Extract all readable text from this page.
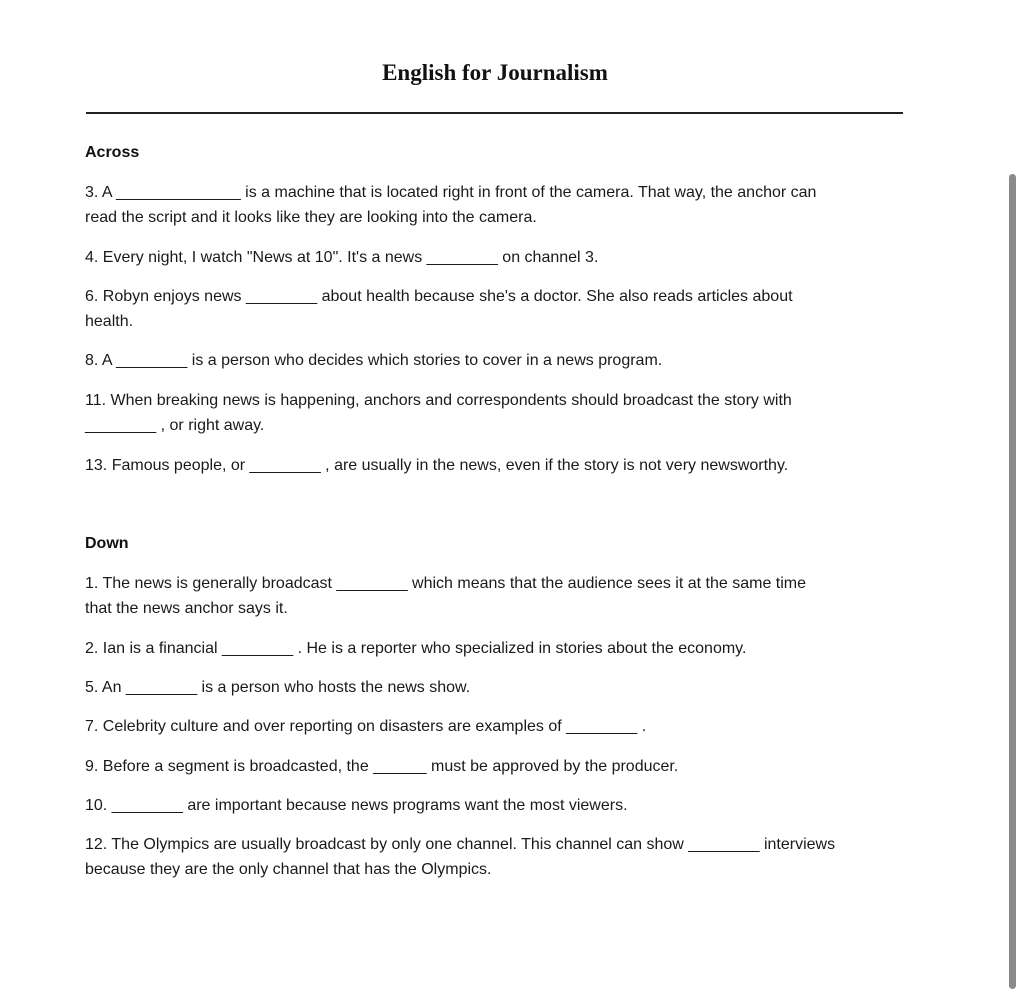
English for Journalism
Across
3. A ______________ is a machine that is located right in front of the camera. That way, the anchor can
read the script and it looks like they are looking into the camera.
4. Every night, I watch "News at 10". It's a news ________ on channel 3.
6. Robyn enjoys news ________ about health because she's a doctor. She also reads articles about
health.
8. A ________ is a person who decides which stories to cover in a news program.
11. When breaking news is happening, anchors and correspondents should broadcast the story with
________ , or right away.
13. Famous people, or ________ , are usually in the news, even if the story is not very newsworthy.
Down
1. The news is generally broadcast ________ which means that the audience sees it at the same time
that the news anchor says it.
2. Ian is a financial ________ . He is a reporter who specialized in stories about the economy.
5. An ________ is a person who hosts the news show.
7. Celebrity culture and over reporting on disasters are examples of ________ .
9. Before a segment is broadcasted, the ______ must be approved by the producer.
10. ________ are important because news programs want the most viewers.
12. The Olympics are usually broadcast by only one channel. This channel can show ________ interviews
because they are the only channel that has the Olympics.
